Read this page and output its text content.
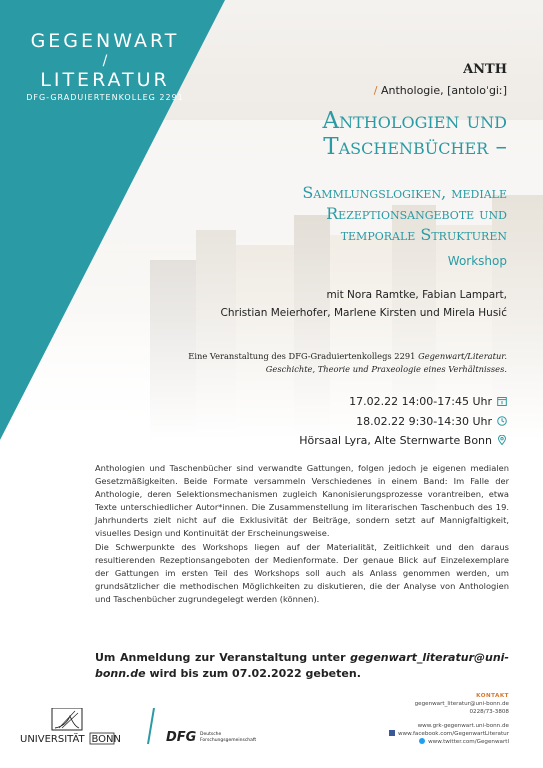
GEGENWART
/
LITERATUR
DFG-GRADUIERTENKOLLEG 2291
ANTH
/ Anthologie, [antoloˈgiː]
Anthologien und
Taschenbücher –
Sammlungslogiken, mediale
Rezeptionsangebote und
temporale Strukturen
Workshop
mit Nora Ramtke, Fabian Lampart,
Christian Meierhofer, Marlene Kirsten und Mirela Husić
Eine Veranstaltung des DFG-Graduiertenkollegs 2291 Gegenwart/Literatur.
Geschichte, Theorie und Praxeologie eines Verhältnisses.
17.02.22 14:00-17:45 Uhr
18.02.22 9:30-14:30 Uhr
Hörsaal Lyra, Alte Sternwarte Bonn

Anthologien und Taschenbücher sind verwandte Gattungen, folgen jedoch je eigenen medialen Gesetzmäßigkeiten. Beide Formate versammeln Verschiedenes in einem Band: Im Falle der Anthologie, deren Selektionsmechanismen zugleich Kanonisierungsprozesse vorantreiben, etwa Texte unterschiedlicher Autor*innen. Die Zusammenstellung im literarischen Taschenbuch des 19. Jahrhunderts zielt nicht auf die Exklusivität der Beiträge, sondern setzt auf Mannigfaltigkeit, visuelles Design und Kontinuität der Erscheinungsweise.

Die Schwerpunkte des Workshops liegen auf der Materialität, Zeitlichkeit und den daraus resultierenden Rezeptionsangeboten der Medienformate. Der genaue Blick auf Einzelexemplare der Gattungen im ersten Teil des Workshops soll auch als Anlass genommen werden, um grundsätzlicher die methodischen Möglichkeiten zu diskutieren, die der Analyse von Anthologien und Taschenbücher zugrundegelegt werden (können).

Um Anmeldung zur Veranstaltung unter gegenwart_literatur@uni-bonn.de wird bis zum 07.02.2022 gebeten.
UNIVERSITÄT BONN	DFG Deutsche
Forschungsgemeinschaft
KONTAKT
gegenwart_literatur@uni-bonn.de
0228/73-3808
www.grk-gegenwart.uni-bonn.de
www.facebook.com/GegenwartLiteratur
www.twitter.com/Gegenwartl
